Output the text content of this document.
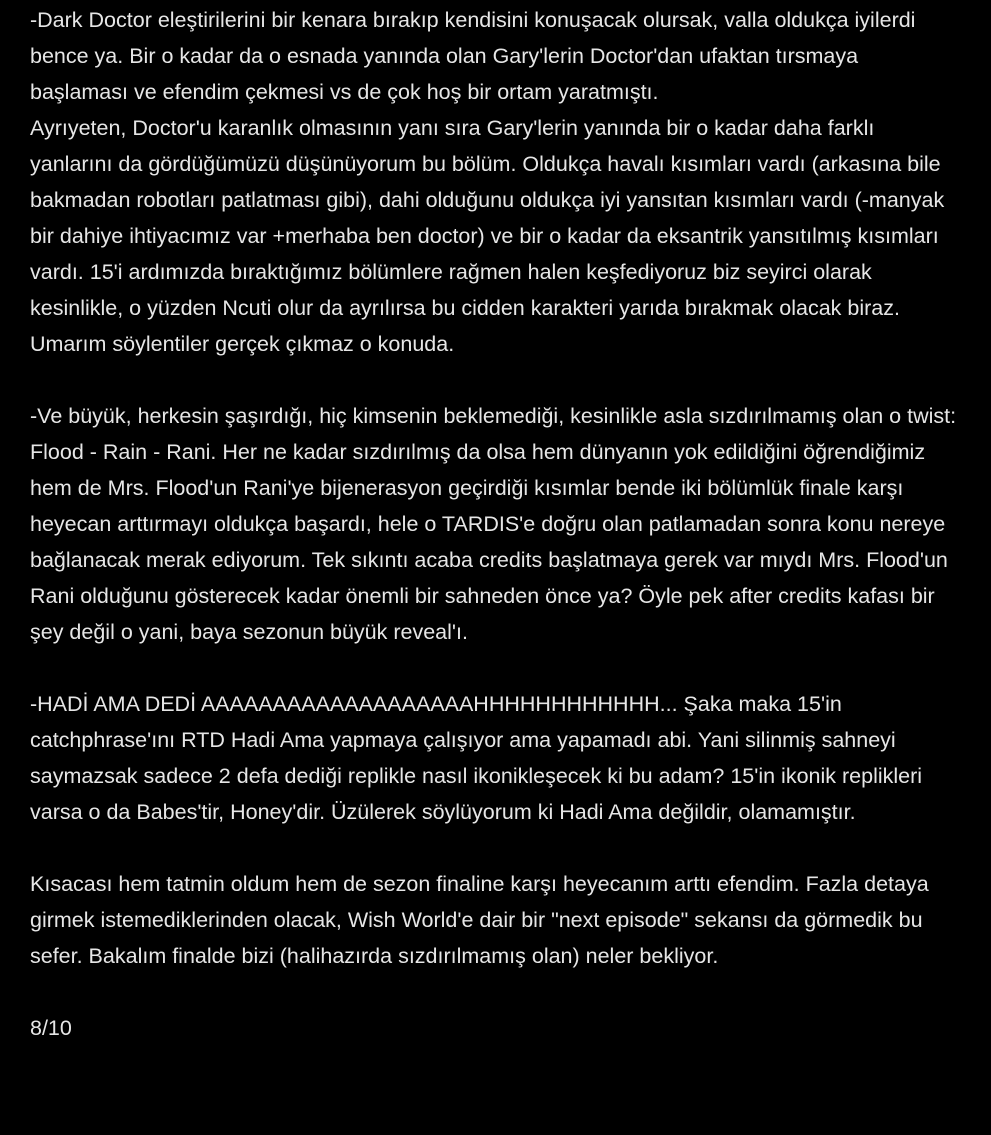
-Dark Doctor eleştirilerini bir kenara bırakıp kendisini konuşacak olursak, valla oldukça iyilerdi bence ya. Bir o kadar da o esnada yanında olan Gary'lerin Doctor'dan ufaktan tırsmaya başlaması ve efendim çekmesi vs de çok hoş bir ortam yaratmıştı.
Ayrıyeten, Doctor'u karanlık olmasının yanı sıra Gary'lerin yanında bir o kadar daha farklı yanlarını da gördüğümüzü düşünüyorum bu bölüm. Oldukça havalı kısımları vardı (arkasına bile bakmadan robotları patlatması gibi), dahi olduğunu oldukça iyi yansıtan kısımları vardı (-manyak bir dahiye ihtiyacımız var +merhaba ben doctor) ve bir o kadar da eksantrik yansıtılmış kısımları vardı. 15'i ardımızda bıraktığımız bölümlere rağmen halen keşfediyoruz biz seyirci olarak kesinlikle, o yüzden Ncuti olur da ayrılırsa bu cidden karakteri yarıda bırakmak olacak biraz. Umarım söylentiler gerçek çıkmaz o konuda.

-Ve büyük, herkesin şaşırdığı, hiç kimsenin beklemediği, kesinlikle asla sızdırılmamış olan o twist: Flood - Rain - Rani. Her ne kadar sızdırılmış da olsa hem dünyanın yok edildiğini öğrendiğimiz hem de Mrs. Flood'un Rani'ye bijenerasyon geçirdiği kısımlar bende iki bölümlük finale karşı heyecan arttırmayı oldukça başardı, hele o TARDIS'e doğru olan patlamadan sonra konu nereye bağlanacak merak ediyorum. Tek sıkıntı acaba credits başlatmaya gerek var mıydı Mrs. Flood'un Rani olduğunu gösterecek kadar önemli bir sahneden önce ya? Öyle pek after credits kafası bir şey değil o yani, baya sezonun büyük reveal'ı.

-HADİ AMA DEDİ AAAAAAAAAAAAAAAAAAAHHHHHHHHHHHH... Şaka maka 15'in catchphrase'ını RTD Hadi Ama yapmaya çalışıyor ama yapamadı abi. Yani silinmiş sahneyi saymazsak sadece 2 defa dediği replikle nasıl ikonikleşecek ki bu adam? 15'in ikonik replikleri varsa o da Babes'tir, Honey'dir. Üzülerek söylüyorum ki Hadi Ama değildir, olamamıştır.

Kısacası hem tatmin oldum hem de sezon finaline karşı heyecanım arttı efendim. Fazla detaya girmek istemediklerinden olacak, Wish World'e dair bir "next episode" sekansı da görmedik bu sefer. Bakalım finalde bizi (halihazırda sızdırılmamış olan) neler bekliyor.

8/10
